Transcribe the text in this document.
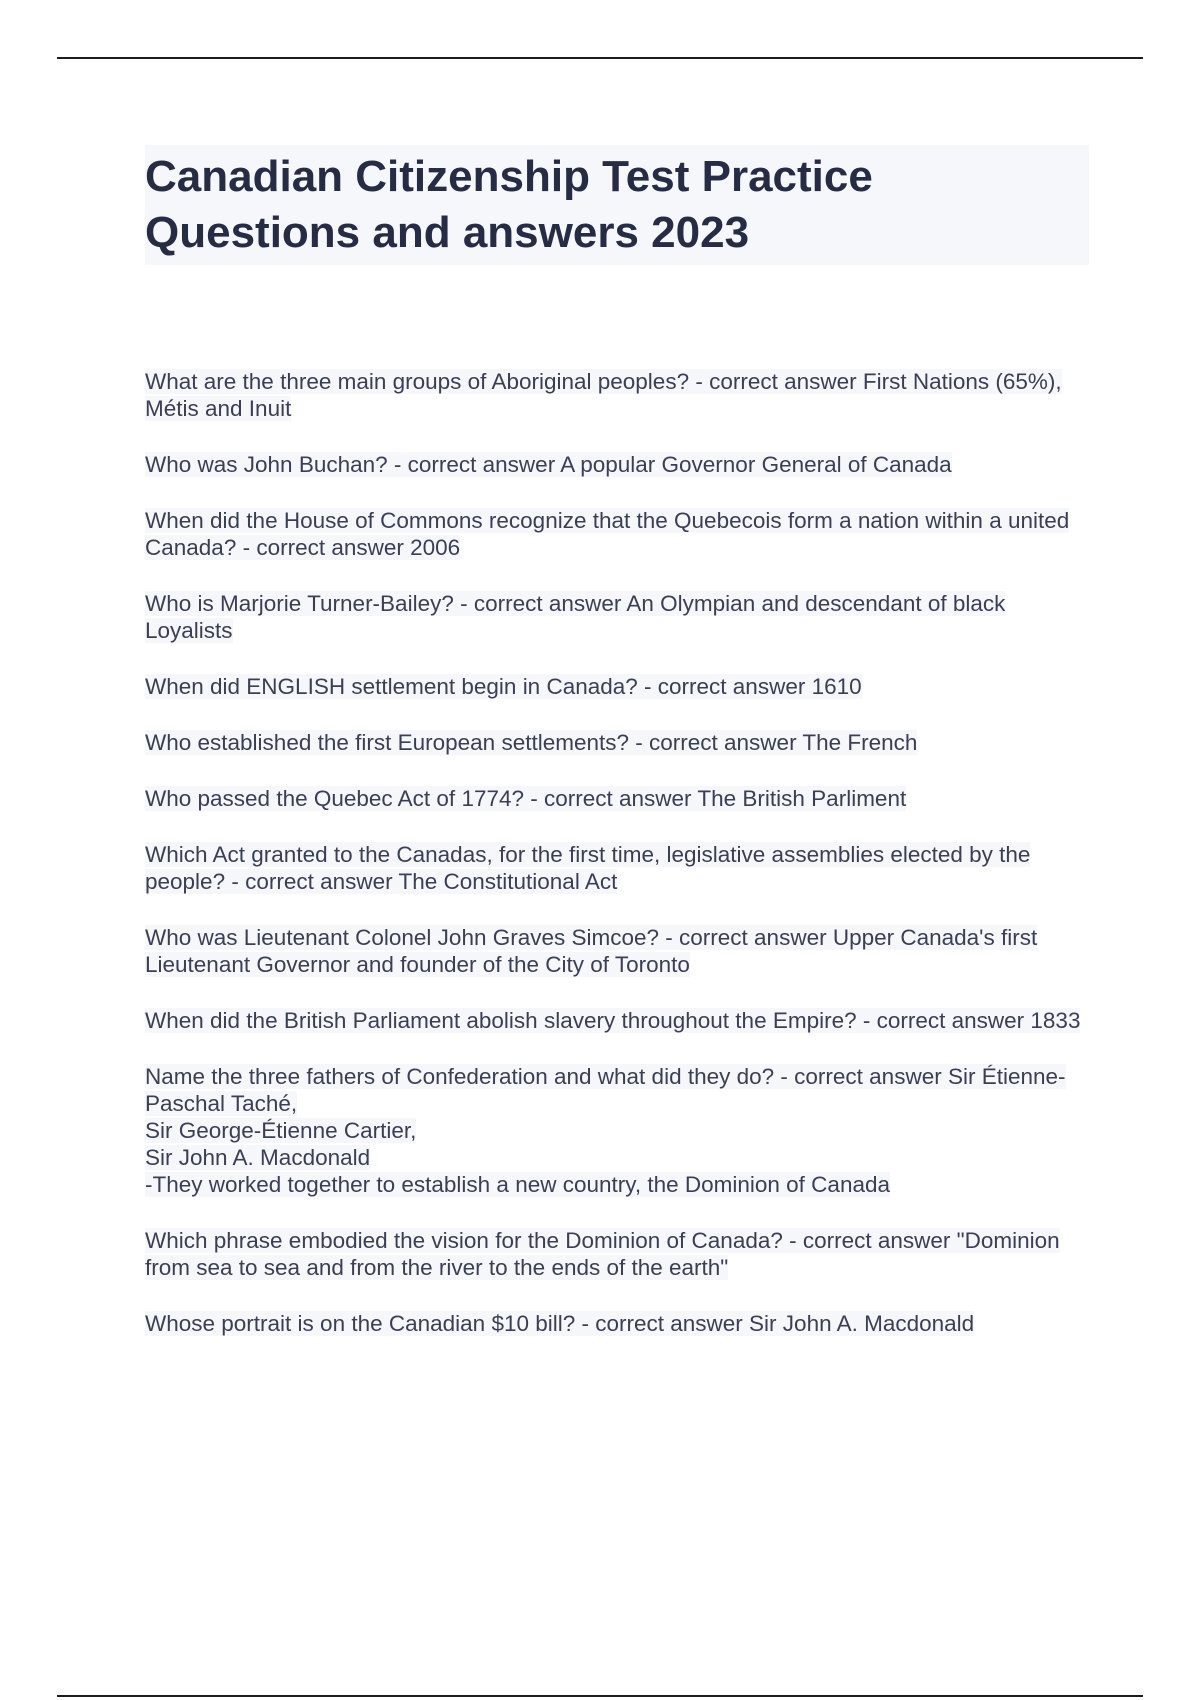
Canadian Citizenship Test Practice Questions and answers 2023
What are the three main groups of Aboriginal peoples? - correct answer First Nations (65%), Métis and Inuit
Who was John Buchan? - correct answer A popular Governor General of Canada
When did the House of Commons recognize that the Quebecois form a nation within a united Canada? - correct answer 2006
Who is Marjorie Turner-Bailey? - correct answer An Olympian and descendant of black Loyalists
When did ENGLISH settlement begin in Canada? - correct answer 1610
Who established the first European settlements? - correct answer The French
Who passed the Quebec Act of 1774? - correct answer The British Parliment
Which Act granted to the Canadas, for the first time, legislative assemblies elected by the people? - correct answer The Constitutional Act
Who was Lieutenant Colonel John Graves Simcoe? - correct answer Upper Canada's first Lieutenant Governor and founder of the City of Toronto
When did the British Parliament abolish slavery throughout the Empire? - correct answer 1833
Name the three fathers of Confederation and what did they do? - correct answer Sir Étienne-Paschal Taché,
Sir George-Étienne Cartier,
Sir John A. Macdonald
-They worked together to establish a new country, the Dominion of Canada
Which phrase embodied the vision for the Dominion of Canada? - correct answer "Dominion from sea to sea and from the river to the ends of the earth"
Whose portrait is on the Canadian $10 bill? - correct answer Sir John A. Macdonald
